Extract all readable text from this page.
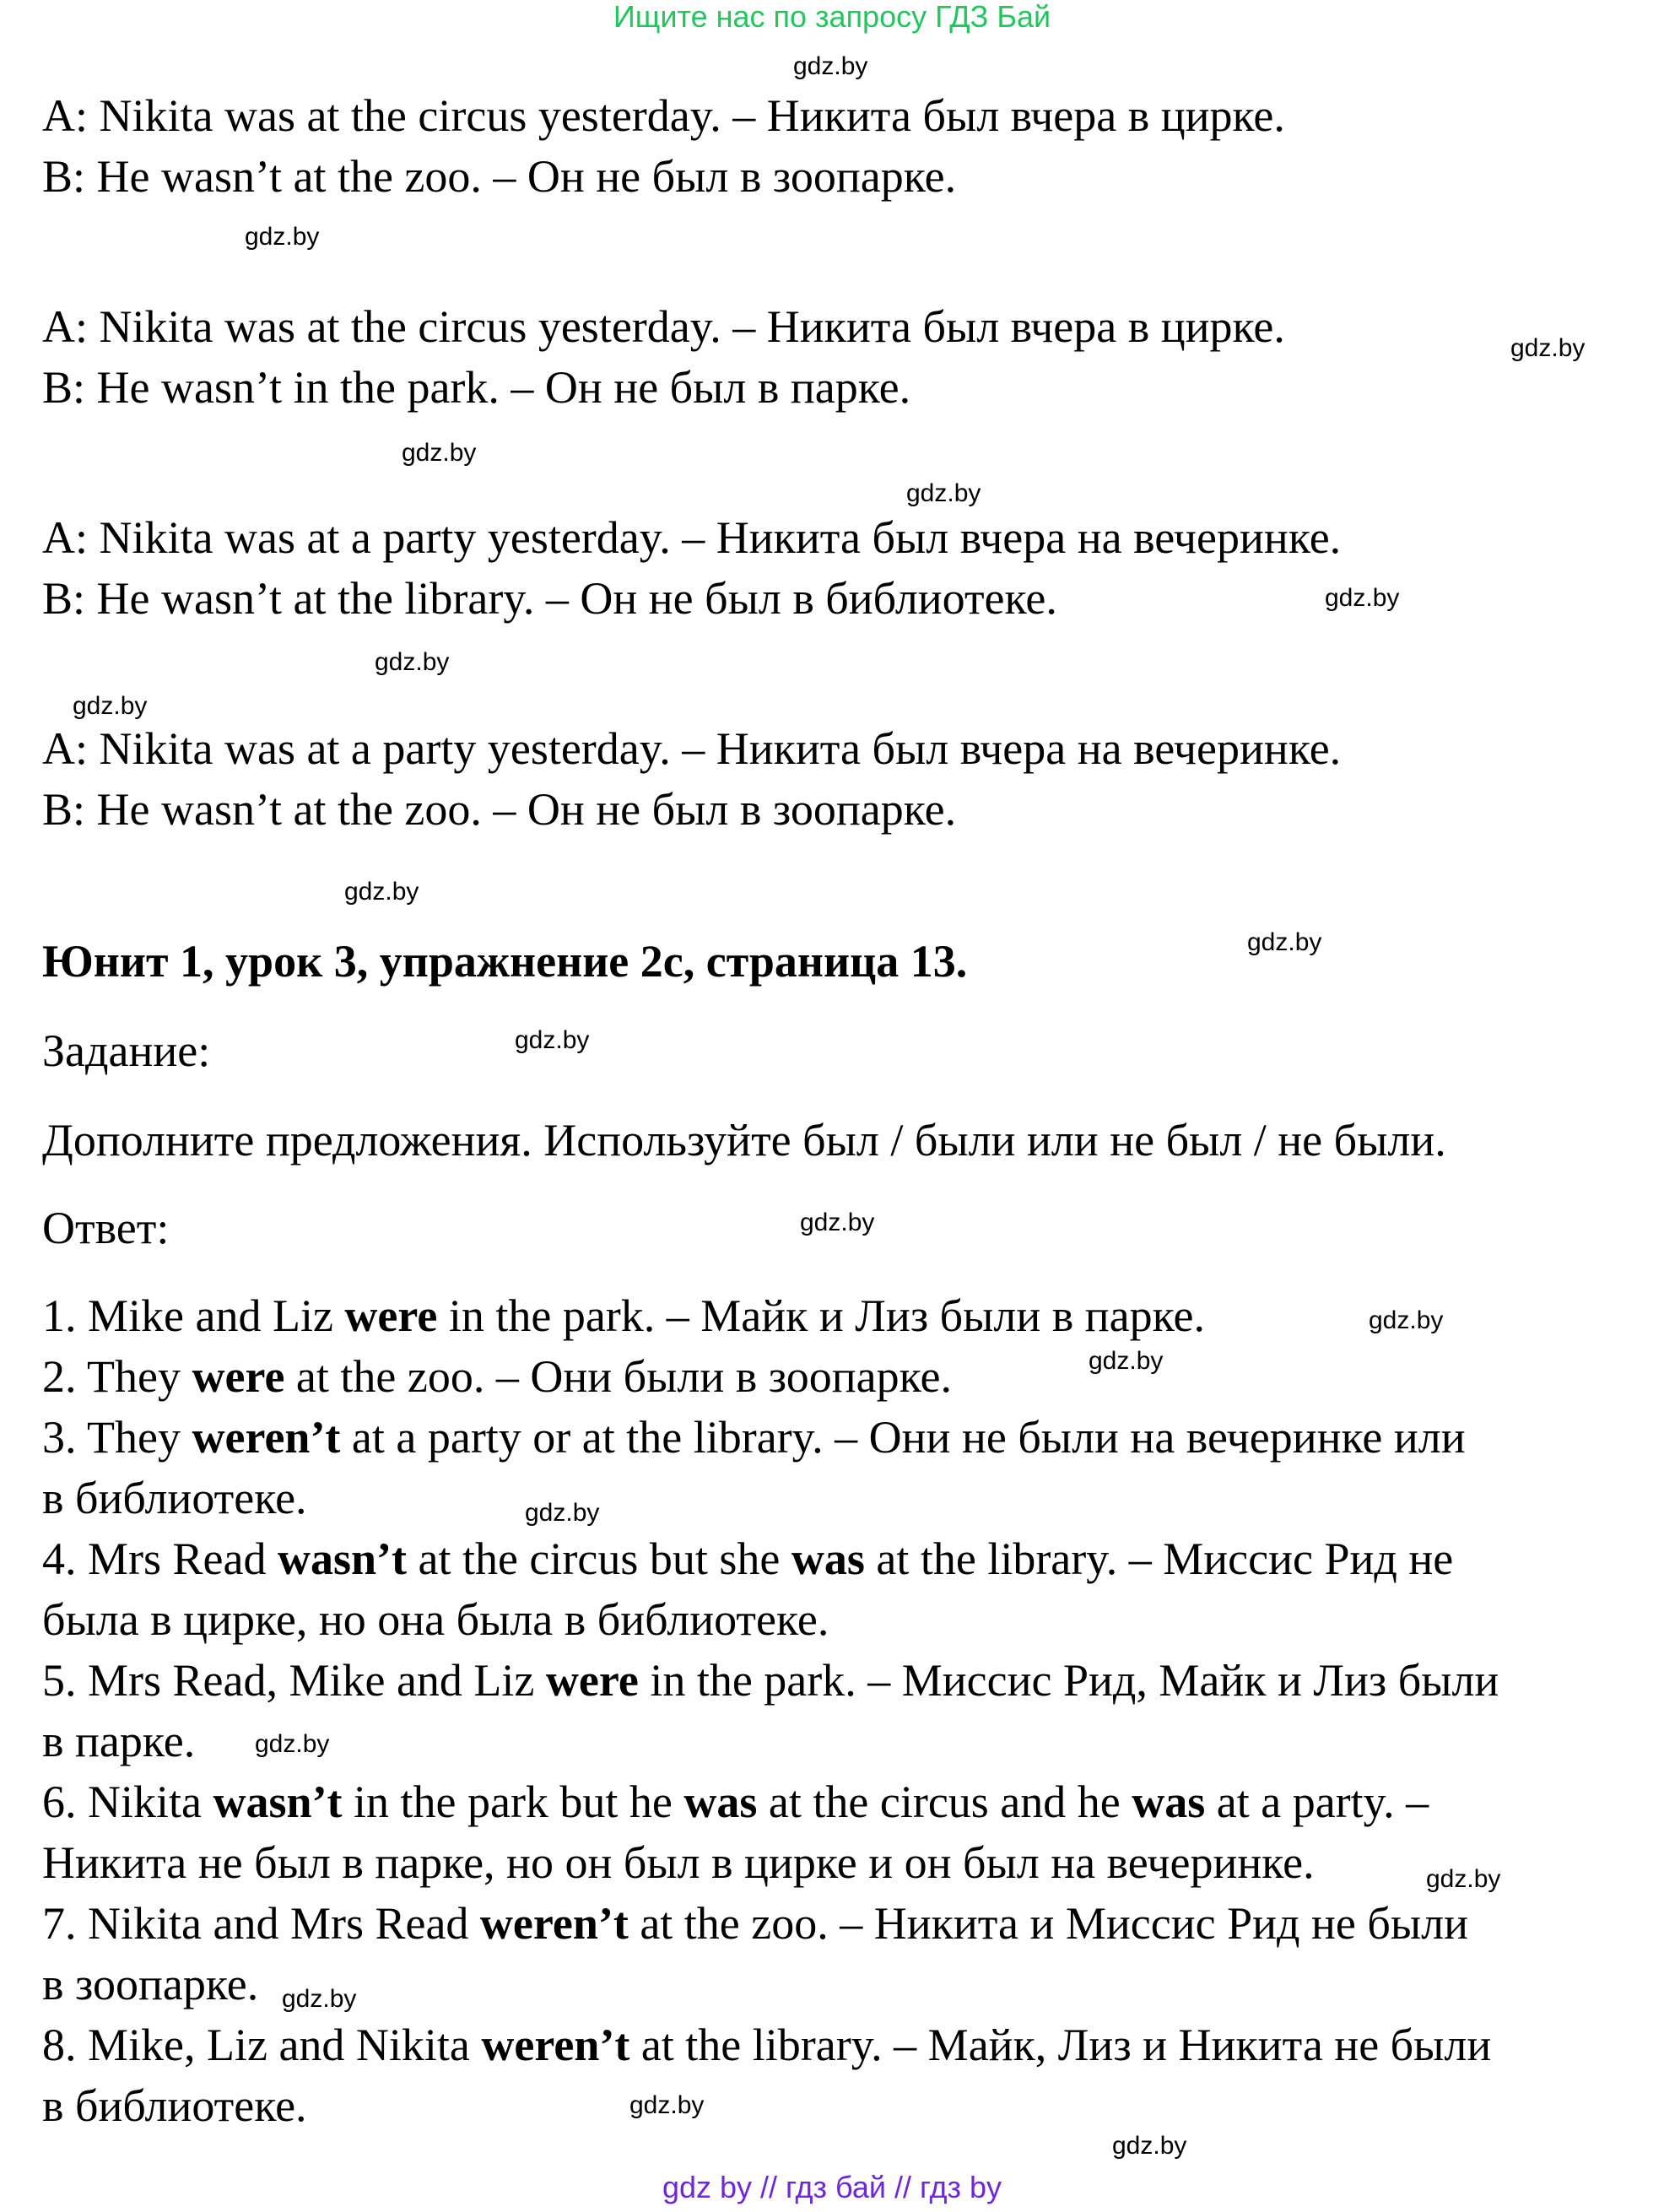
Ищите нас по запросу ГДЗ Бай
gdz.by
A: Nikita was at the circus yesterday. – Никита был вчера в цирке.
B: He wasn’t at the zoo. – Он не был в зоопарке.
gdz.by
A: Nikita was at the circus yesterday. – Никита был вчера в цирке.	gdz.by
B: He wasn’t in the park. – Он не был в парке.
gdz.by
gdz.by
A: Nikita was at a party yesterday. – Никита был вчера на вечеринке.
B: He wasn’t at the library. – Он не был в библиотеке.	gdz.by
gdz.by
gdz.by
A: Nikita was at a party yesterday. – Никита был вчера на вечеринке.
B: He wasn’t at the zoo. – Он не был в зоопарке.
gdz.by
Юнит 1, урок 3, упражнение 2с, страница 13.	gdz.by
Задание:	gdz.by
Дополните предложения. Используйте был / были или не был / не были.
Ответ:	gdz.by
1. Mike and Liz were in the park. – Майк и Лиз были в парке.	gdz.by
gdz.by
2. They were at the zoo. – Они были в зоопарке.
3. They weren’t at a party or at the library. – Они не были на вечеринке или
в библиотеке.	gdz.by
4. Mrs Read wasn’t at the circus but she was at the library. – Миссис Рид не
была в цирке, но она была в библиотеке.
5. Mrs Read, Mike and Liz were in the park. – Миссис Рид, Майк и Лиз были
в парке. gdz.by
6. Nikita wasn’t in the park but he was at the circus and he was at a party. –
Никита не был в парке, но он был в цирке и он был на вечеринке.	gdz.by
7. Nikita and Mrs Read weren’t at the zoo. – Никита и Миссис Рид не были
в зоопарке. gdz.by
8. Mike, Liz and Nikita weren’t at the library. – Майк, Лиз и Никита не были
в библиотеке.	gdz.by
gdz.by
gdz by // гдз бай // гдз by
